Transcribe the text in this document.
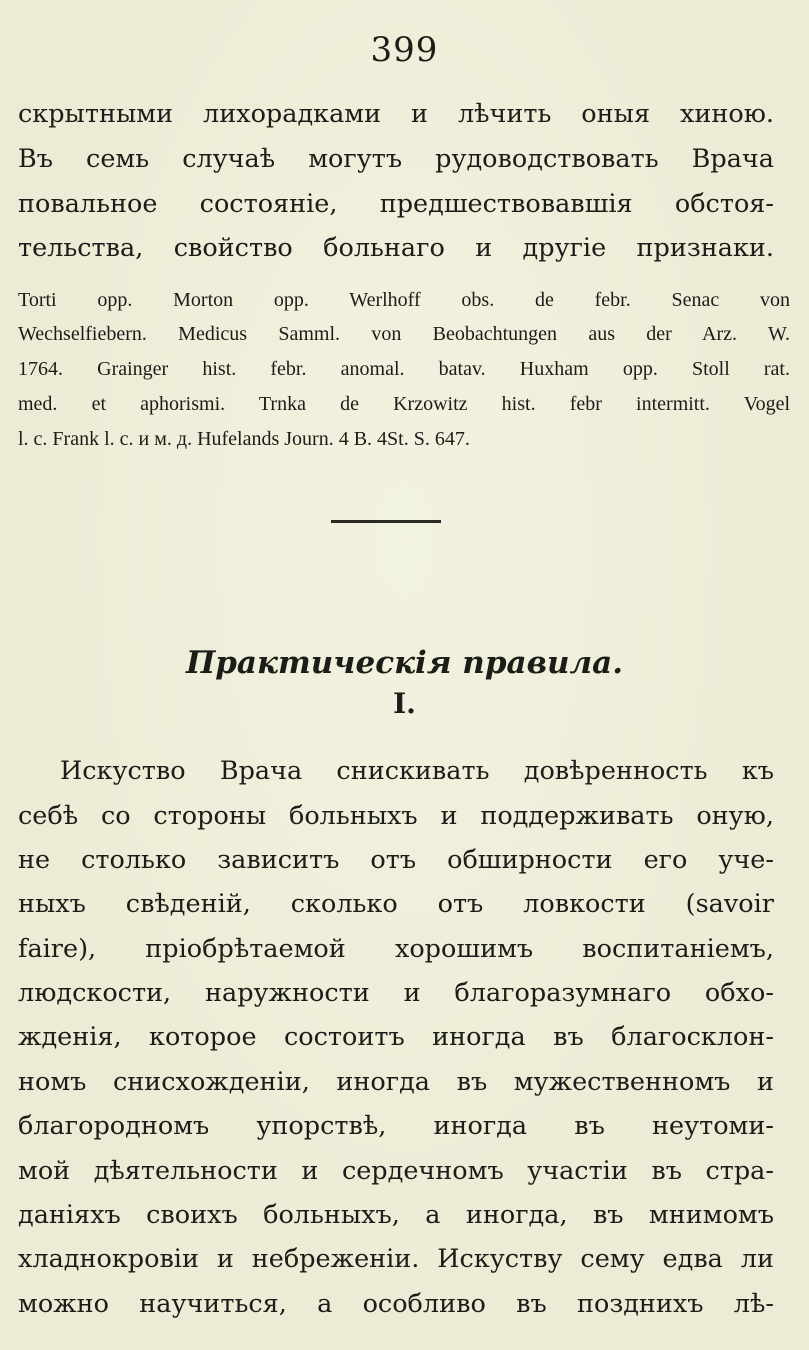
399
скрытными лихорадками и лѣчить оныя хиною.
Въ семь случаѣ могутъ рудоводствовать Врача
повальное состояніе, предшествовавшія обстоя-
тельства, свойство больнаго и другіе признаки.
Torti opp. Morton opp. Werlhoff obs. de febr. Senac von
Wechselfiebern. Medicus Samml. von Beobachtungen aus der Arz. W.
1764. Grainger hist. febr. anomal. batav. Huxham opp. Stoll rat.
med. et aphorismi. Trnka de Krzowitz hist. febr intermitt. Vogel
l. c. Frank l. c. и м. д. Hufelands Journ. 4 B. 4St. S. 647.
Практическія правила.
I.
Искуство Врача снискивать довѣренность къ
себѣ со стороны больныхъ и поддерживать оную,
не столько зависитъ отъ обширности его уче-
ныхъ свѣденій, сколько отъ ловкости (savoir
faire), пріобрѣтаемой хорошимъ воспитаніемъ,
людскости, наружности и благоразумнаго обхо-
жденія, которое состоитъ иногда въ благосклон-
номъ снисхожденіи, иногда въ мужественномъ и
благородномъ упорствѣ, иногда въ неутоми-
мой дѣятельности и сердечномъ участіи въ стра-
даніяхъ своихъ больныхъ, а иногда, въ мнимомъ
хладнокровіи и небреженіи. Искуству сему едва ли
можно научиться, а особливо въ позднихъ лѣ-
